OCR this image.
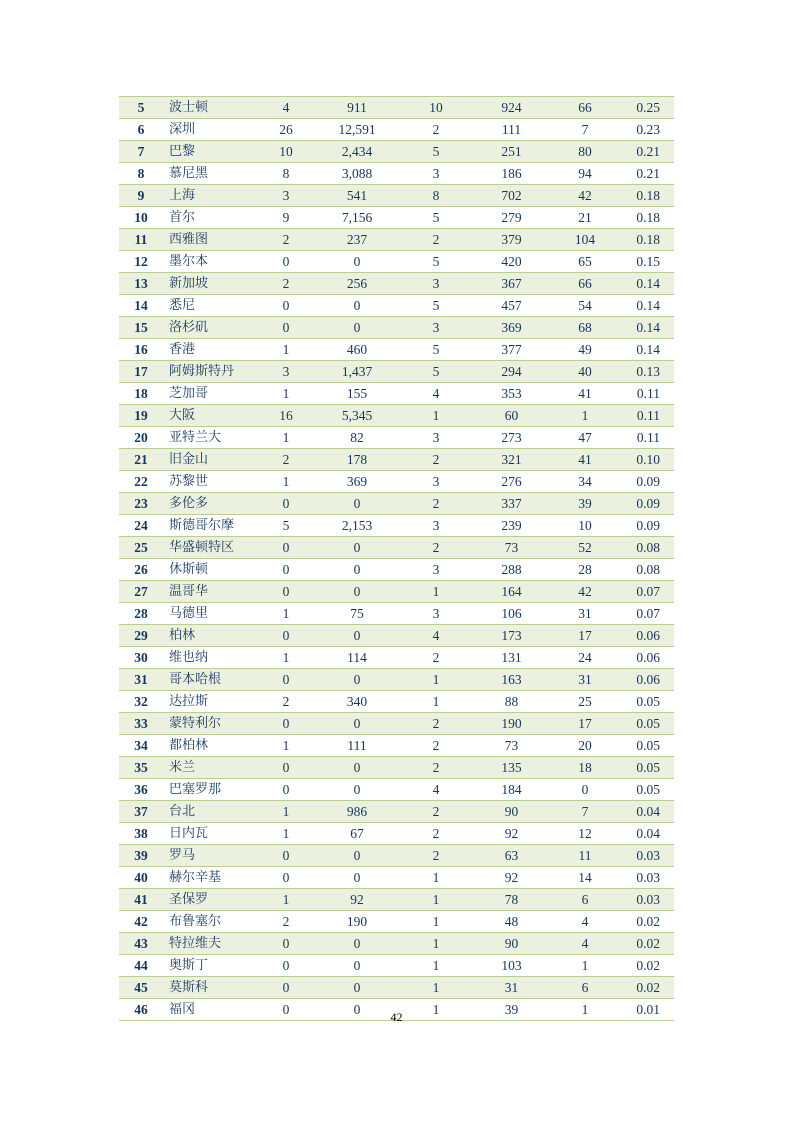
5	波士顿	4	911	10	924	66	0.25
6	深圳	26	12,591	2	111	7	0.23
7	巴黎	10	2,434	5	251	80	0.21
8	慕尼黑	8	3,088	3	186	94	0.21
9	上海	3	541	8	702	42	0.18
10	首尔	9	7,156	5	279	21	0.18
11	西雅图	2	237	2	379	104	0.18
12	墨尔本	0	0	5	420	65	0.15
13	新加坡	2	256	3	367	66	0.14
14	悉尼	0	0	5	457	54	0.14
15	洛杉矶	0	0	3	369	68	0.14
16	香港	1	460	5	377	49	0.14
17	阿姆斯特丹	3	1,437	5	294	40	0.13
18	芝加哥	1	155	4	353	41	0.11
19	大阪	16	5,345	1	60	1	0.11
20	亚特兰大	1	82	3	273	47	0.11
21	旧金山	2	178	2	321	41	0.10
22	苏黎世	1	369	3	276	34	0.09
23	多伦多	0	0	2	337	39	0.09
24	斯德哥尔摩	5	2,153	3	239	10	0.09
25	华盛顿特区	0	0	2	73	52	0.08
26	休斯顿	0	0	3	288	28	0.08
27	温哥华	0	0	1	164	42	0.07
28	马德里	1	75	3	106	31	0.07
29	柏林	0	0	4	173	17	0.06
30	维也纳	1	114	2	131	24	0.06
31	哥本哈根	0	0	1	163	31	0.06
32	达拉斯	2	340	1	88	25	0.05
33	蒙特利尔	0	0	2	190	17	0.05
34	都柏林	1	111	2	73	20	0.05
35	米兰	0	0	2	135	18	0.05
36	巴塞罗那	0	0	4	184	0	0.05
37	台北	1	986	2	90	7	0.04
38	日内瓦	1	67	2	92	12	0.04
39	罗马	0	0	2	63	11	0.03
40	赫尔辛基	0	0	1	92	14	0.03
41	圣保罗	1	92	1	78	6	0.03
42	布鲁塞尔	2	190	1	48	4	0.02
43	特拉维夫	0	0	1	90	4	0.02
44	奥斯丁	0	0	1	103	1	0.02
45	莫斯科	0	0	1	31	6	0.02
46	福冈	0	0	1	39	1	0.01
42
